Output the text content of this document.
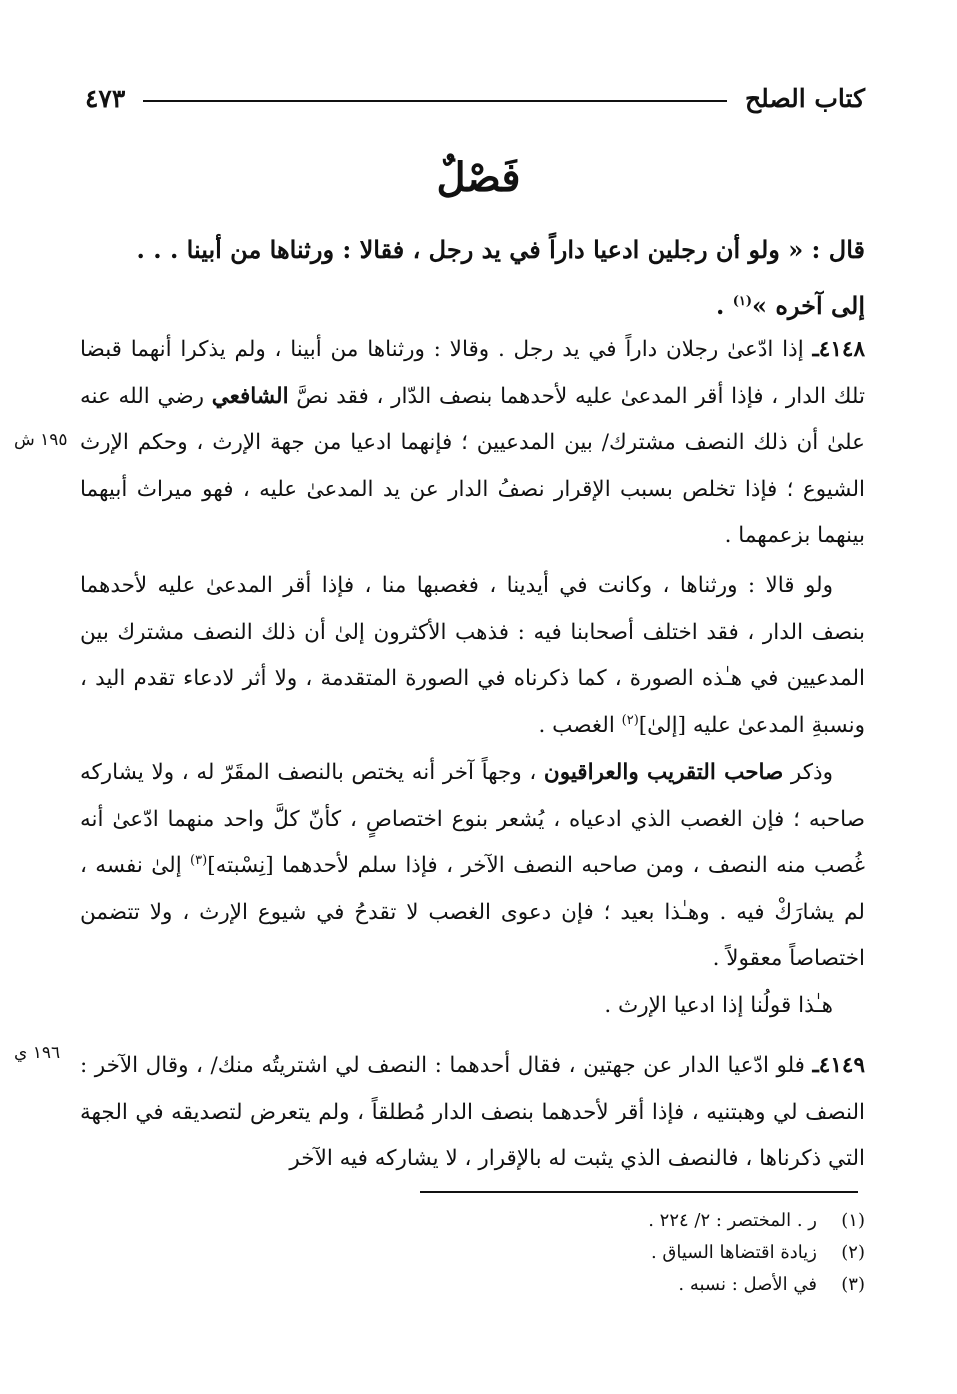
كتاب الصلح
٤٧٣
فَصْلٌ
قال : « ولو أن رجلين ادعيا داراً في يد رجل ، فقالا : ورثناها من أبينا . . .
إلى آخره »$^{(١)}$ .
٤١٤٨ـ إذا ادّعىٰ رجلان داراً في يد رجل . وقالا : ورثناها من أبينا ، ولم يذكرا أنهما قبضا تلك الدار ، فإذا أقر المدعىٰ عليه لأحدهما بنصف الدّار ، فقد نصَّ الشافعي رضي الله عنه علىٰ أن ذلك النصف مشترك/ بين المدعيين ؛ فإنهما ادعيا من جهة الإرث ، وحكم الإرث الشيوع ؛ فإذا تخلص بسبب الإقرار نصفُ الدار عن يد المدعىٰ عليه ، فهو ميراث أبيهما بينهما بزعمهما .
ولو قالا : ورثناها ، وكانت في أيدينا ، فغصبها منا ، فإذا أقر المدعىٰ عليه لأحدهما بنصف الدار ، فقد اختلف أصحابنا فيه : فذهب الأكثرون إلىٰ أن ذلك النصف مشترك بين المدعيين في هـٰذه الصورة ، كما ذكرناه في الصورة المتقدمة ، ولا أثر لادعاء تقدم اليد ، ونسبةِ المدعىٰ عليه [إلىٰ]$^{(٢)}$ الغصب .
وذكر صاحب التقريب والعراقيون ، وجهاً آخر أنه يختص بالنصف المقَرّ له ، ولا يشاركه صاحبه ؛ فإن الغصب الذي ادعياه ، يُشعر بنوع اختصاصٍ ، كأنّ كلَّ واحد منهما ادّعىٰ أنه غُصب منه النصف ، ومن صاحبه النصف الآخر ، فإذا سلم لأحدهما [نِسْبته]$^{(٣)}$ إلىٰ نفسه ، لم يشارَكْ فيه . وهـٰذا بعيد ؛ فإن دعوى الغصب لا تقدحُ في شيوع الإرث ، ولا تتضمن اختصاصاً معقولاً .
هـٰذا قولُنا إذا ادعيا الإرث .
٤١٤٩ـ فلو ادّعيا الدار عن جهتين ، فقال أحدهما : النصف لي اشتريتُه منك/ ، وقال الآخر : النصف لي وهبتنيه ، فإذا أقر لأحدهما بنصف الدار مُطلقاً ، ولم يتعرض لتصديقه في الجهة التي ذكرناها ، فالنصف الذي يثبت له بالإقرار ، لا يشاركه فيه الآخر
١٩٥ ش
١٩٦ ي
(١)ر . المختصر : ٢/ ٢٢٤ .
(٢)زيادة اقتضاها السياق .
(٣)في الأصل : نسبه .
